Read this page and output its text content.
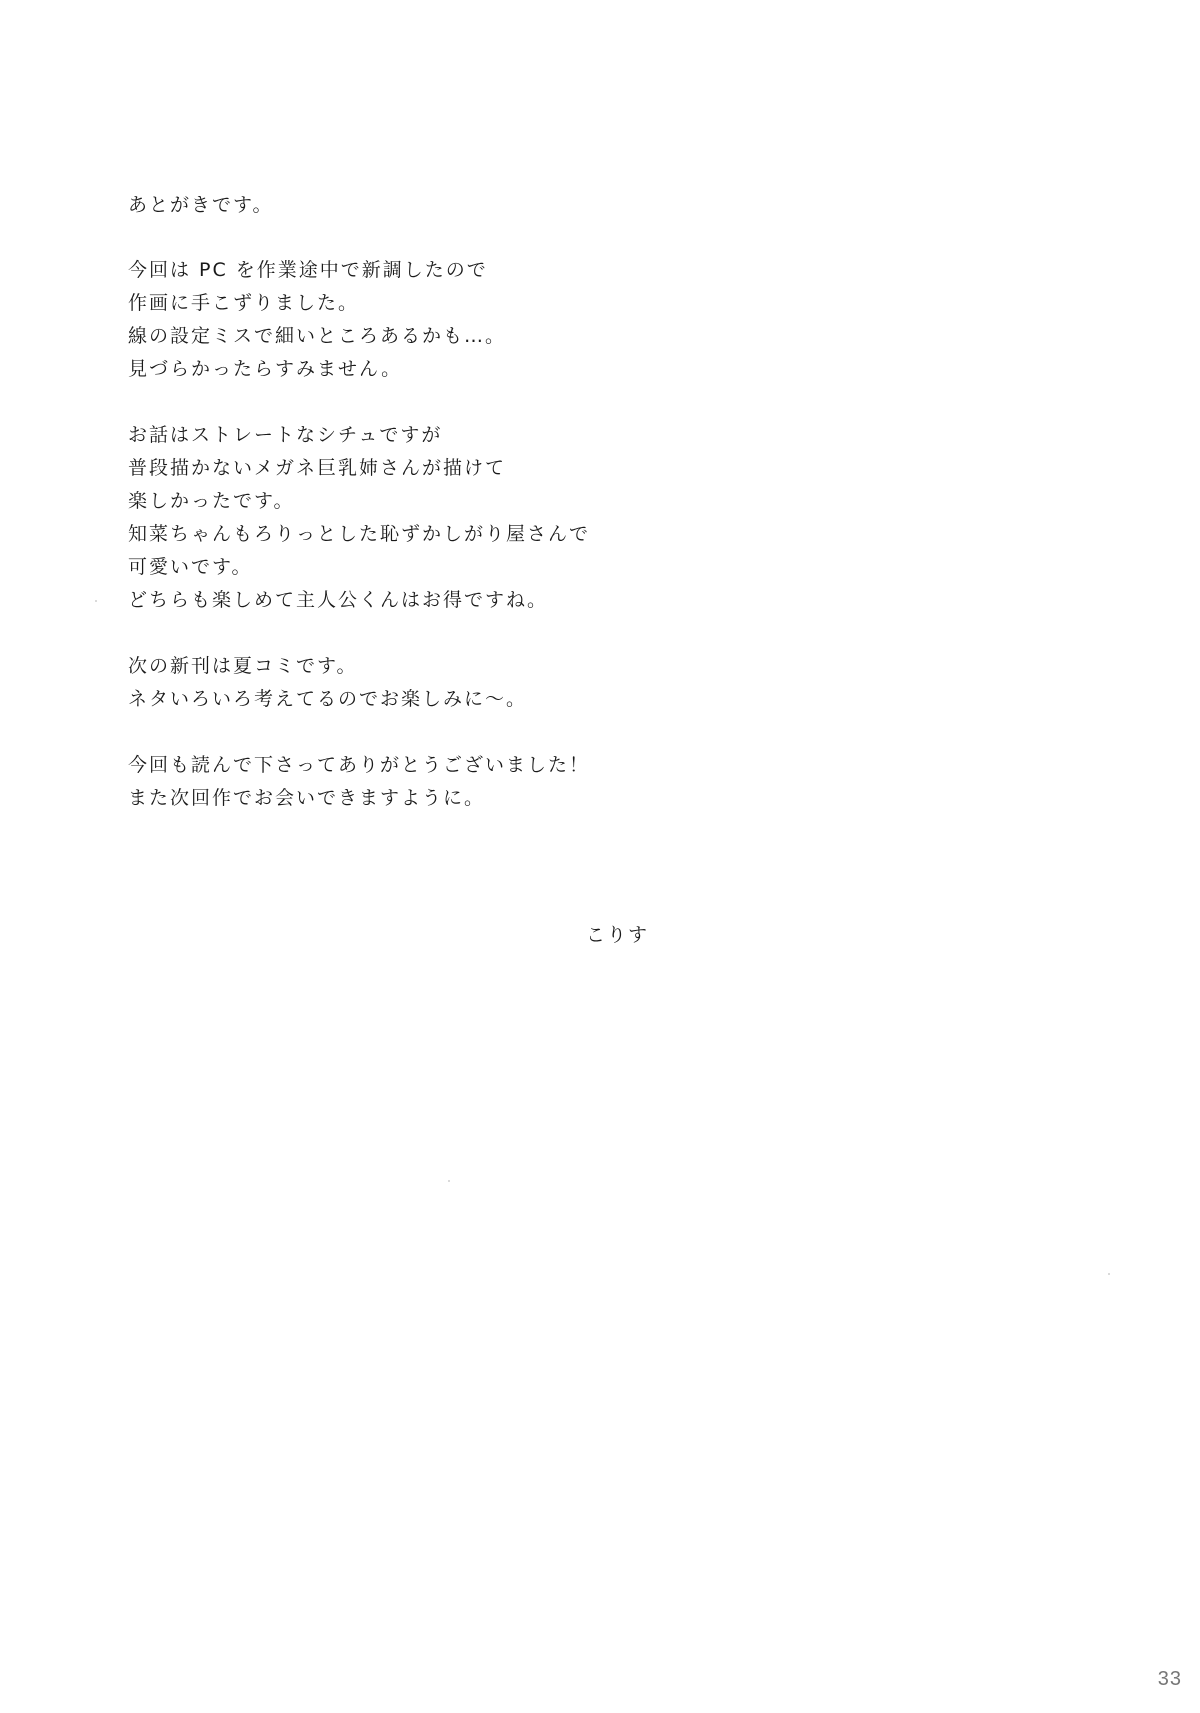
あとがきです。
今回は PC を作業途中で新調したので
作画に手こずりました。
線の設定ミスで細いところあるかも…。
見づらかったらすみません。
お話はストレートなシチュですが
普段描かないメガネ巨乳姉さんが描けて
楽しかったです。
知菜ちゃんもろりっとした恥ずかしがり屋さんで
可愛いです。
どちらも楽しめて主人公くんはお得ですね。
次の新刊は夏コミです。
ネタいろいろ考えてるのでお楽しみに～。
今回も読んで下さってありがとうございました！
また次回作でお会いできますように。
こりす
33
